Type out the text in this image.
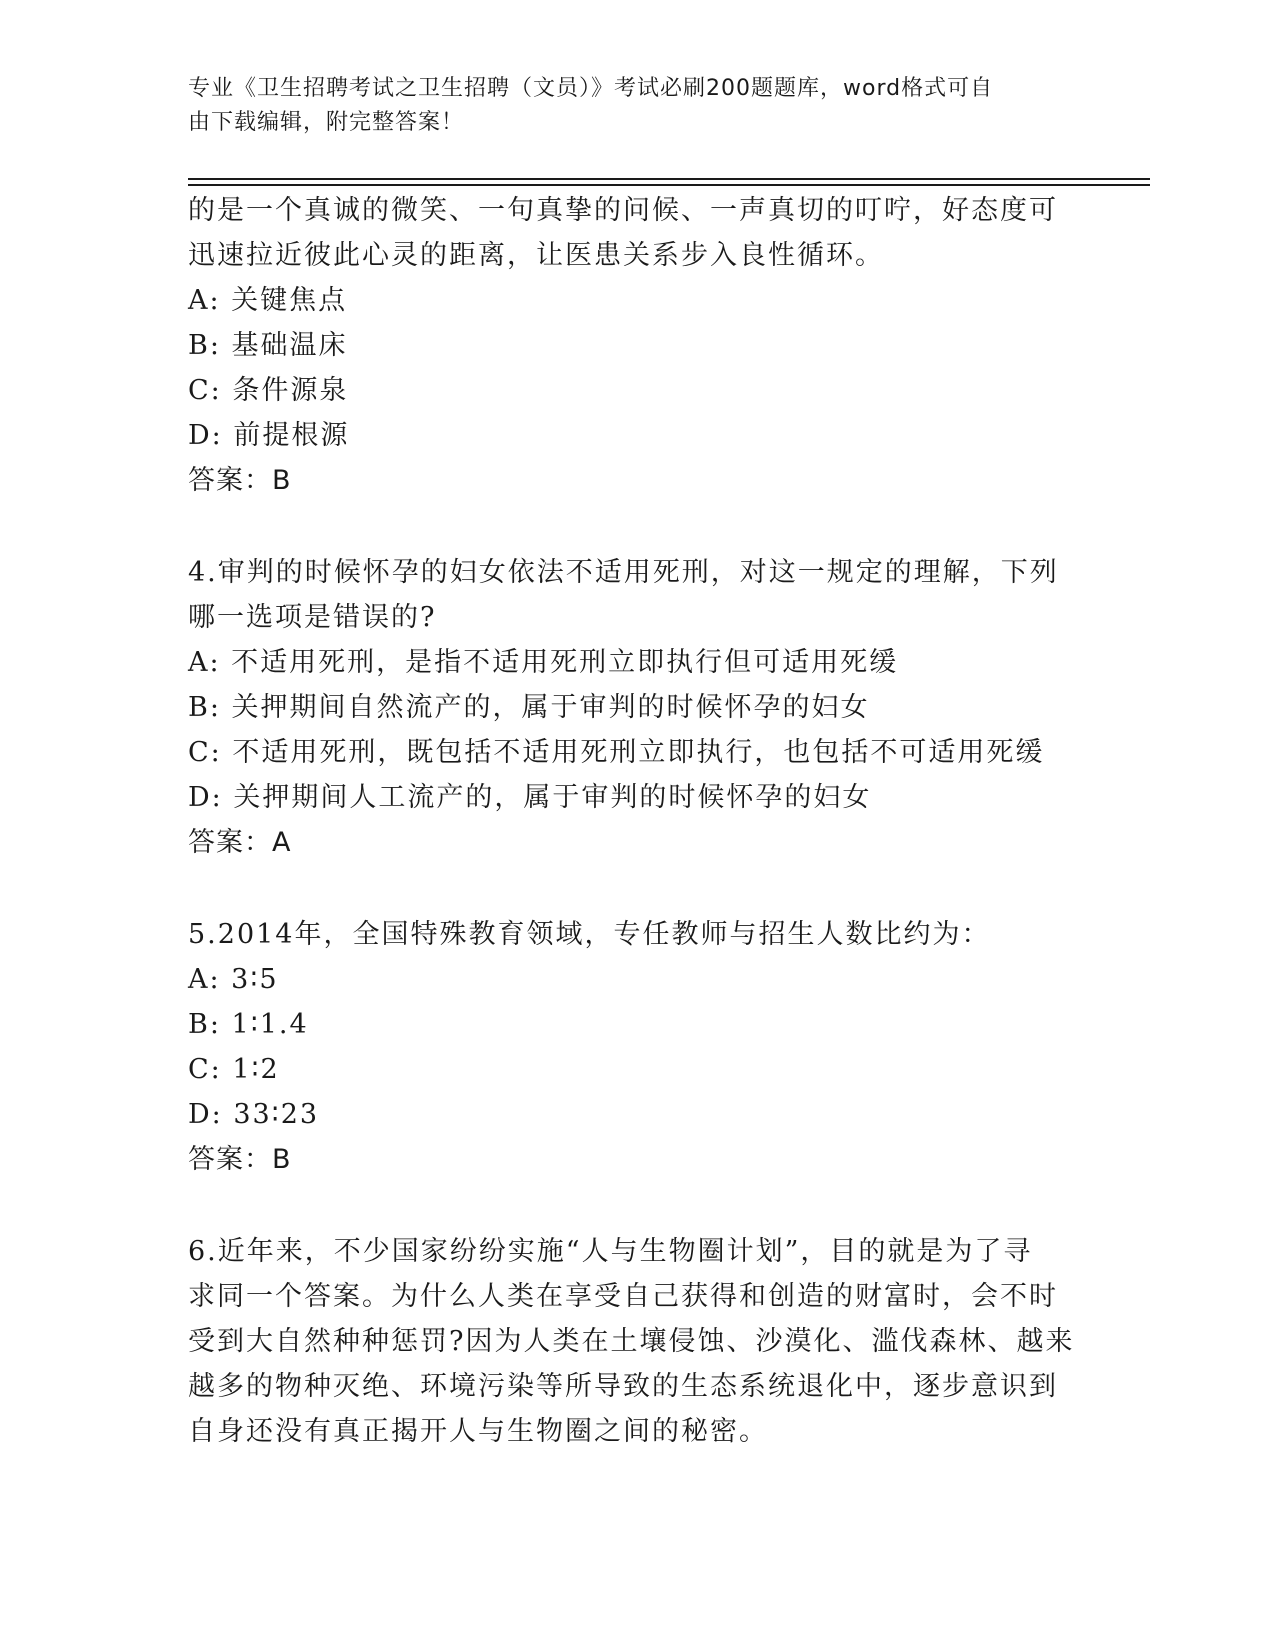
专业《卫生招聘考试之卫生招聘（文员）》考试必刷200题题库，word格式可自
由下载编辑，附完整答案！

的是一个真诚的微笑、一句真挚的问候、一声真切的叮咛，好态度可

迅速拉近彼此心灵的距离，让医患关系步入良性循环。

A: 关键焦点

B: 基础温床

C: 条件源泉

D: 前提根源

答案：B

4.审判的时候怀孕的妇女依法不适用死刑，对这一规定的理解，下列

哪一选项是错误的?

A: 不适用死刑，是指不适用死刑立即执行但可适用死缓

B: 关押期间自然流产的，属于审判的时候怀孕的妇女

C: 不适用死刑，既包括不适用死刑立即执行，也包括不可适用死缓

D: 关押期间人工流产的，属于审判的时候怀孕的妇女

答案：A

5.2014年，全国特殊教育领域，专任教师与招生人数比约为：

A: 3∶5

B: 1∶1.4

C: 1∶2

D: 33∶23

答案：B

6.近年来，不少国家纷纷实施“人与生物圈计划”，目的就是为了寻

求同一个答案。为什么人类在享受自己获得和创造的财富时，会不时

受到大自然种种惩罚?因为人类在土壤侵蚀、沙漠化、滥伐森林、越来

越多的物种灭绝、环境污染等所导致的生态系统退化中，逐步意识到

自身还没有真正揭开人与生物圈之间的秘密。
